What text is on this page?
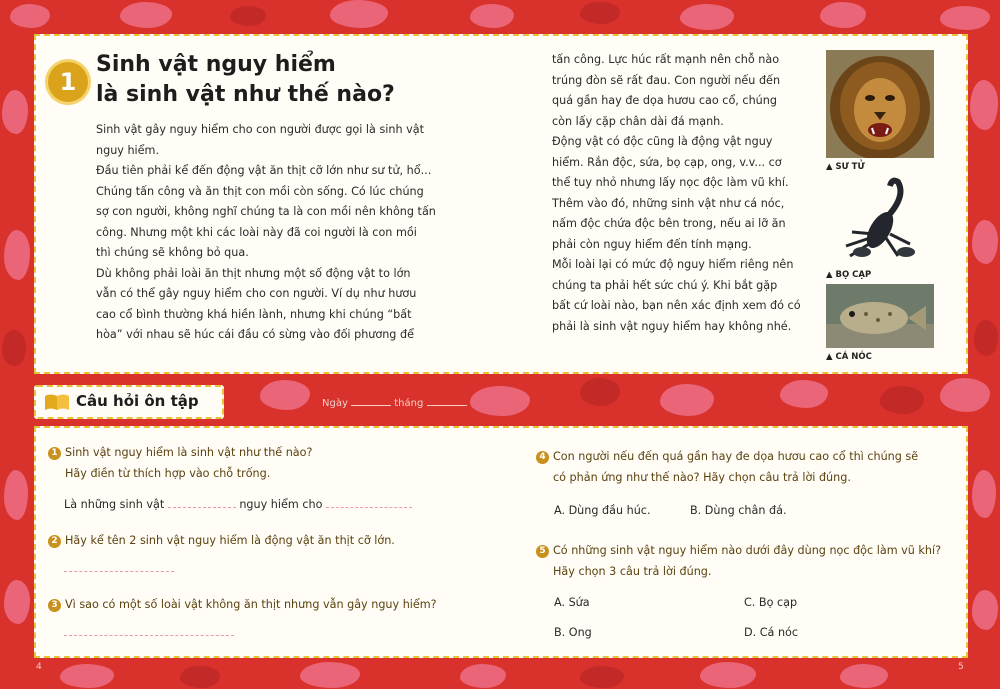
1
Sinh vật nguy hiểm
là sinh vật như thế nào?
Sinh vật gây nguy hiểm cho con người được gọi là sinh vật
nguy hiểm.
Đầu tiên phải kể đến động vật ăn thịt cỡ lớn như sư tử, hổ...
Chúng tấn công và ăn thịt con mồi còn sống. Có lúc chúng
sợ con người, không nghĩ chúng ta là con mồi nên không tấn
công. Nhưng một khi các loài này đã coi người là con mồi
thì chúng sẽ không bỏ qua.
Dù không phải loài ăn thịt nhưng một số động vật to lớn
vẫn có thể gây nguy hiểm cho con người. Ví dụ như hươu
cao cổ bình thường khá hiền lành, nhưng khi chúng “bất
hòa” với nhau sẽ húc cái đầu có sừng vào đối phương để
tấn công. Lực húc rất mạnh nên chỗ nào
trúng đòn sẽ rất đau. Con người nếu đến
quá gần hay đe dọa hươu cao cổ, chúng
còn lấy cặp chân dài đá mạnh.
Động vật có độc cũng là động vật nguy
hiểm. Rắn độc, sứa, bọ cạp, ong, v.v... cơ
thể tuy nhỏ nhưng lấy nọc độc làm vũ khí.
Thêm vào đó, những sinh vật như cá nóc,
nấm độc chứa độc bên trong, nếu ai lỡ ăn
phải còn nguy hiểm đến tính mạng.
Mỗi loài lại có mức độ nguy hiểm riêng nên
chúng ta phải hết sức chú ý. Khi bắt gặp
bất cứ loài nào, bạn nên xác định xem đó có
phải là sinh vật nguy hiểm hay không nhé.
▲ SƯ TỬ
▲ BỌ CẠP
▲ CÁ NÓC
Câu hỏi ôn tập	Ngày	tháng
1 Sinh vật nguy hiểm là sinh vật như thế nào?
Hãy điền từ thích hợp vào chỗ trống.
Là những sinh vật	nguy hiểm cho
2 Hãy kể tên 2 sinh vật nguy hiểm là động vật ăn thịt cỡ lớn.
3 Vì sao có một số loài vật không ăn thịt nhưng vẫn gây nguy hiểm?
4 Con người nếu đến quá gần hay đe dọa hươu cao cổ thì chúng sẽ
có phản ứng như thế nào? Hãy chọn câu trả lời đúng.
A. Dùng đầu húc.	B. Dùng chân đá.
5 Có những sinh vật nguy hiểm nào dưới đây dùng nọc độc làm vũ khí?
Hãy chọn 3 câu trả lời đúng.
A. Sứa	C. Bọ cạp
B. Ong	D. Cá nóc
4	5
